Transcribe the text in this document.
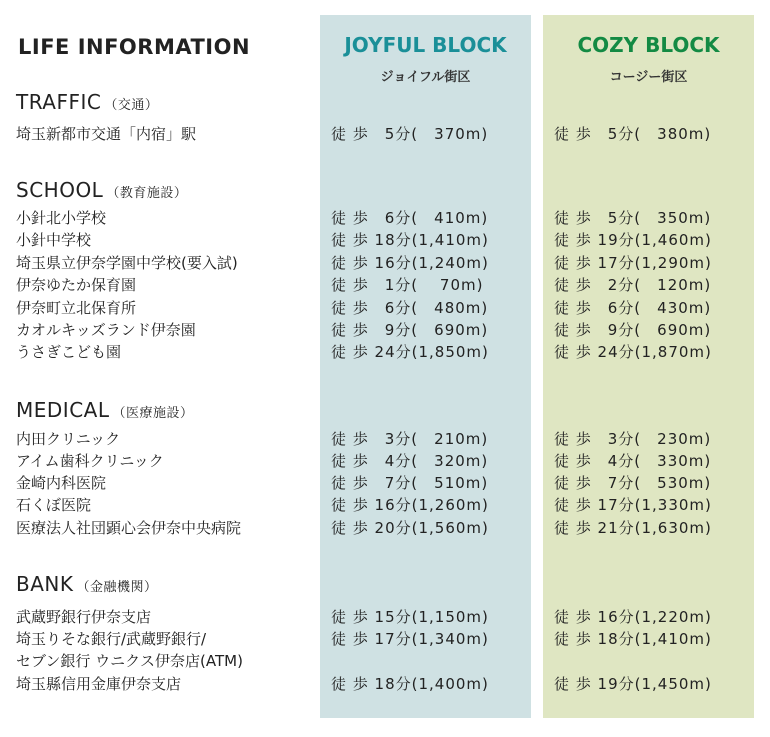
LIFE INFORMATION	JOYFUL BLOCK
ジョイフル街区
COZY BLOCK
コージー街区
TRAFFIC （交通）
埼玉新都市交通「内宿」駅	徒 歩　5分(　370m)	徒 歩　5分(　380m)
SCHOOL （教育施設）
小針北小学校	徒 歩　6分(　410m)	徒 歩　5分(　350m)
小針中学校	徒 歩 18分(1,410m)	徒 歩 19分(1,460m)
埼玉県立伊奈学園中学校(要入試)	徒 歩 16分(1,240m)	徒 歩 17分(1,290m)
伊奈ゆたか保育園	徒 歩　1分(　 70m)	徒 歩　2分(　120m)
伊奈町立北保育所	徒 歩　6分(　480m)	徒 歩　6分(　430m)
カオルキッズランド伊奈園	徒 歩　9分(　690m)	徒 歩　9分(　690m)
うさぎこども園	徒 歩 24分(1,850m)	徒 歩 24分(1,870m)
MEDICAL （医療施設）
内田クリニック	徒 歩　3分(　210m)	徒 歩　3分(　230m)
アイム歯科クリニック	徒 歩　4分(　320m)	徒 歩　4分(　330m)
金崎内科医院	徒 歩　7分(　510m)	徒 歩　7分(　530m)
石くぼ医院	徒 歩 16分(1,260m)	徒 歩 17分(1,330m)
医療法人社団顕心会伊奈中央病院	徒 歩 20分(1,560m)	徒 歩 21分(1,630m)
BANK （金融機関）
武蔵野銀行伊奈支店	徒 歩 15分(1,150m)	徒 歩 16分(1,220m)
埼玉りそな銀行/武蔵野銀行/
セブン銀行 ウニクス伊奈店(ATM)
徒 歩 17分(1,340m)	徒 歩 18分(1,410m)
埼玉縣信用金庫伊奈支店	徒 歩 18分(1,400m)	徒 歩 19分(1,450m)
